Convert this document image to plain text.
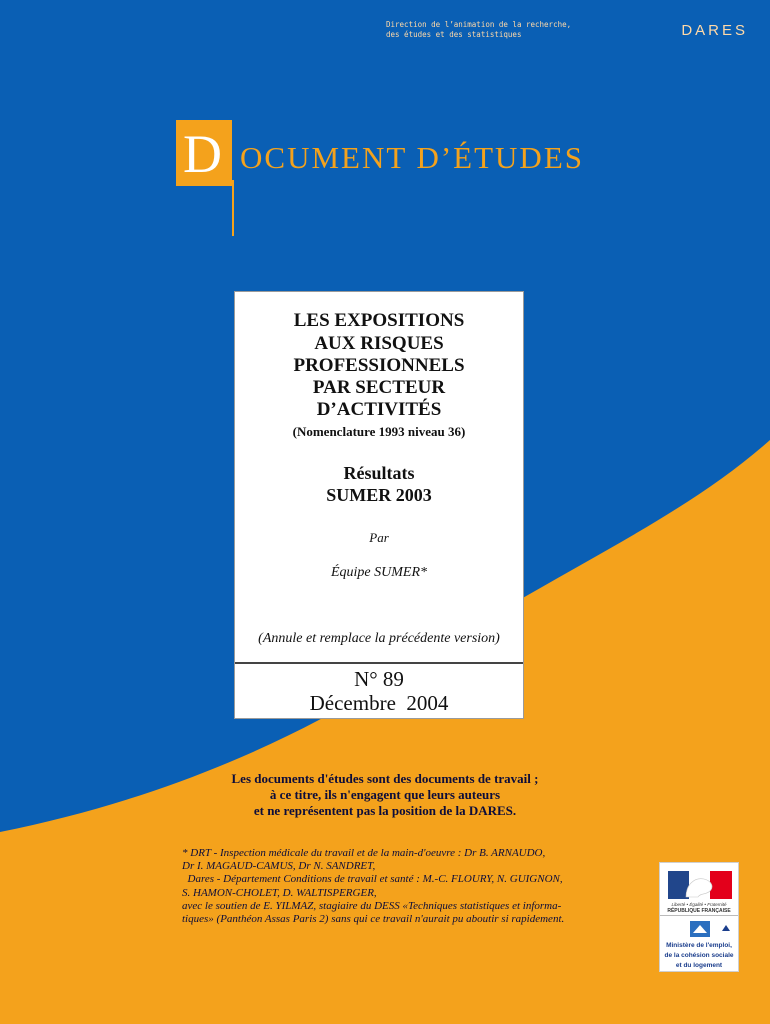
Direction de l’animation de la recherche,
des études et des statistiques	DARES
D OCUMENT D’ÉTUDES
LES EXPOSITIONS
AUX RISQUES
PROFESSIONNELS
PAR SECTEUR
D’ACTIVITÉS
(Nomenclature 1993 niveau 36)
Résultats
SUMER 2003
Par
Équipe SUMER*
(Annule et remplace la précédente version)
N° 89
Décembre  2004
Les documents d'études sont des documents de travail ;
à ce titre, ils n'engagent que leurs auteurs
et ne représentent pas la position de la DARES.
* DRT - Inspection médicale du travail et de la main-d'oeuvre : Dr B. ARNAUDO,
Dr I. MAGAUD-CAMUS, Dr N. SANDRET,
Dares - Département Conditions de travail et santé : M.-C. FLOURY, N. GUIGNON,
S. HAMON-CHOLET, D. WALTISPERGER,
avec le soutien de E. YILMAZ, stagiaire du DESS «Techniques statistiques et informa-
tiques» (Panthéon Assas Paris 2) sans qui ce travail n'aurait pu aboutir si rapidement.
Liberté • Égalité • Fraternité
RÉPUBLIQUE FRANÇAISE
Ministère de l'emploi,
de la cohésion sociale
et du logement
